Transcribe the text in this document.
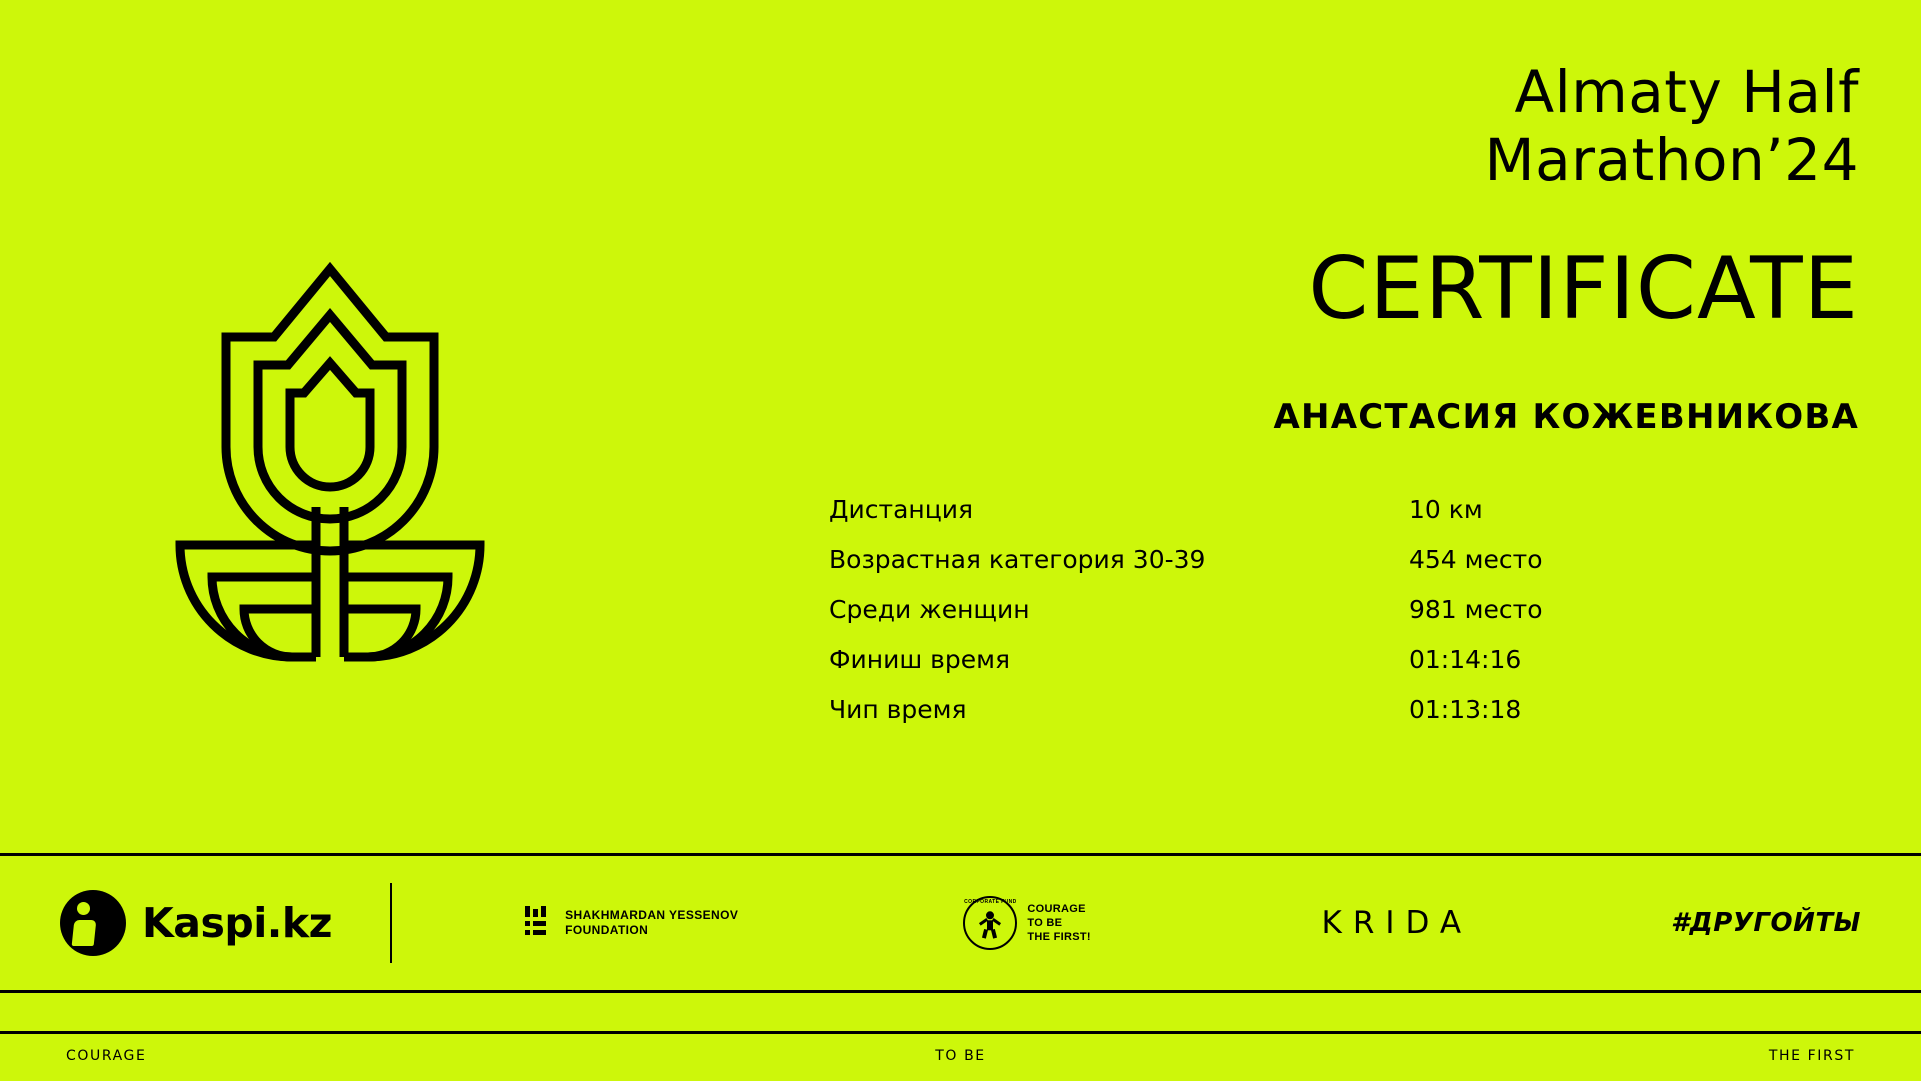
Almaty Half
Marathon’24
CERTIFICATE
АНАСТАСИЯ КОЖЕВНИКОВА
Дистанция	10 км
Возрастная категория 30-39	454 место
Среди женщин	981 место
Финиш время	01:14:16
Чип время	01:13:18
Kaspi.kz	SHAKHMARDAN YESSENOV
FOUNDATION
CORPORATE FUND
COURAGE
TO BE
THE FIRST!	KRIDA	#ДРУГОЙТЫ
COURAGE	TO BE	THE FIRST
